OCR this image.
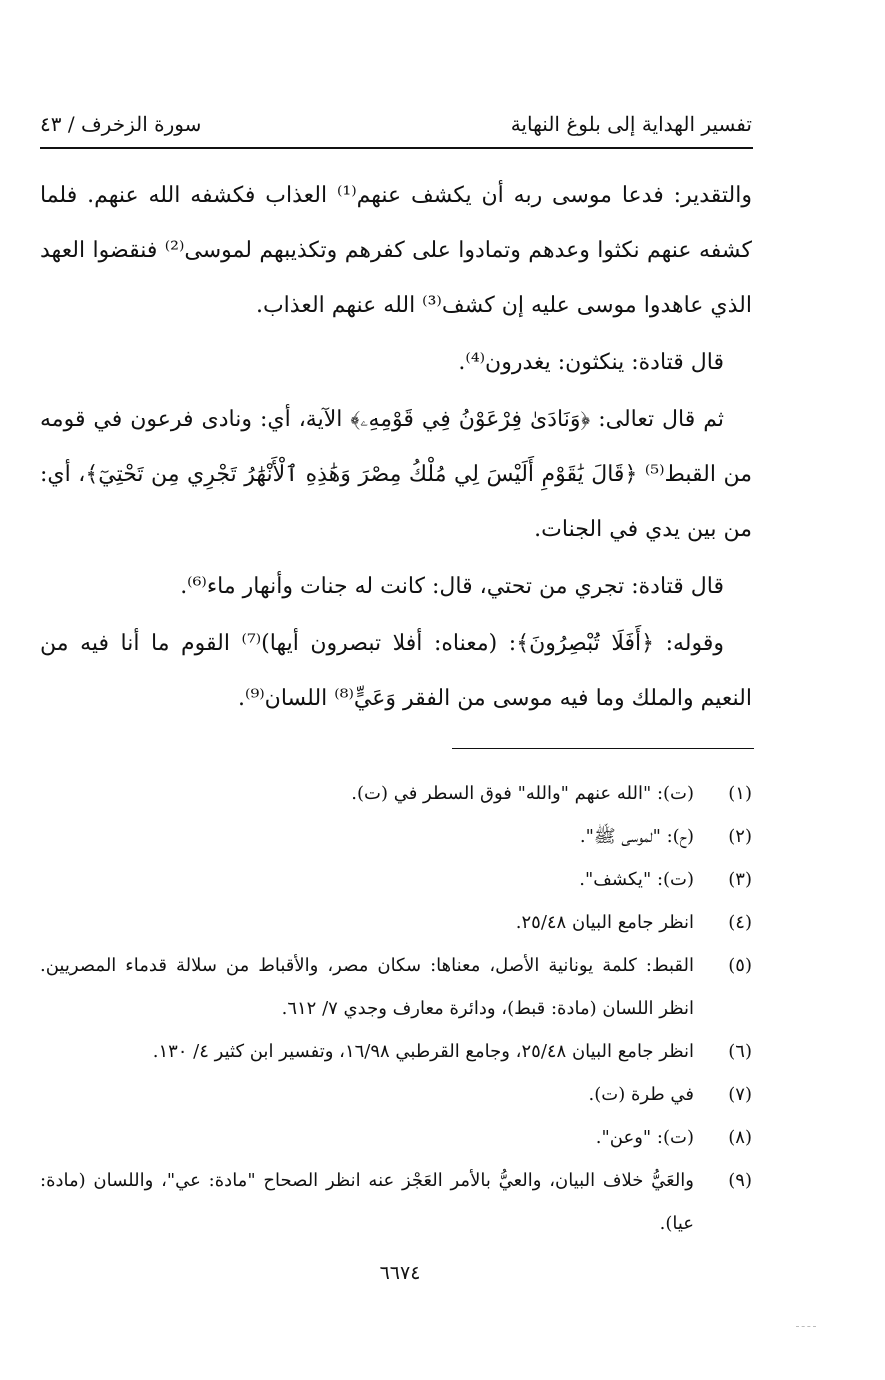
تفسير الهداية إلى بلوغ النهاية
سورة الزخرف / ٤٣

والتقدير: فدعا موسى ربه أن يكشف عنهم⁽¹⁾ العذاب فكشفه الله عنهم. فلما كشفه عنهم نكثوا وعدهم وتمادوا على كفرهم وتكذيبهم لموسى⁽²⁾ فنقضوا العهد الذي عاهدوا موسى عليه إن كشف⁽³⁾ الله عنهم العذاب.

قال قتادة: ينكثون: يغدرون⁽⁴⁾.

ثم قال تعالى: ﴿وَنَادَىٰ فِرْعَوْنُ فِي قَوْمِهِۦ﴾ الآية، أي: ونادى فرعون في قومه من القبط⁽⁵⁾ ﴿قَالَ يَٰقَوْمِ أَلَيْسَ لِي مُلْكُ مِصْرَ وَهَٰذِهِ ٱلْأَنْهَٰرُ تَجْرِي مِن تَحْتِيٓ﴾، أي: من بين يدي في الجنات.

قال قتادة: تجري من تحتي، قال: كانت له جنات وأنهار ماء⁽⁶⁾.

وقوله: ﴿أَفَلَا تُبْصِرُونَ﴾: (معناه: أفلا تبصرون أيها)⁽⁷⁾ القوم ما أنا فيه من النعيم والملك وما فيه موسى من الفقر وَعَيٍّ⁽⁸⁾ اللسان⁽⁹⁾.

(١)
(ت): "الله عنهم "والله" فوق السطر في (ت).
(٢)
(ح): "لموسى ﷺ".
(٣)
(ت): "يكشف".
(٤)
انظر جامع البيان ٢٥/٤٨.
(٥)
القبط: كلمة يونانية الأصل، معناها: سكان مصر، والأقباط من سلالة قدماء المصريين. انظر اللسان (مادة: قبط)، ودائرة معارف وجدي ٧/ ٦١٢.
(٦)
انظر جامع البيان ٢٥/٤٨، وجامع القرطبي ١٦/٩٨، وتفسير ابن كثير ٤/ ١٣٠.
(٧)
في طرة (ت).
(٨)
(ت): "وعن".
(٩)
والعَيُّ خلاف البيان، والعيُّ بالأمر العَجْز عنه انظر الصحاح "مادة: عي"، واللسان (مادة: عيا).
٦٦٧٤
